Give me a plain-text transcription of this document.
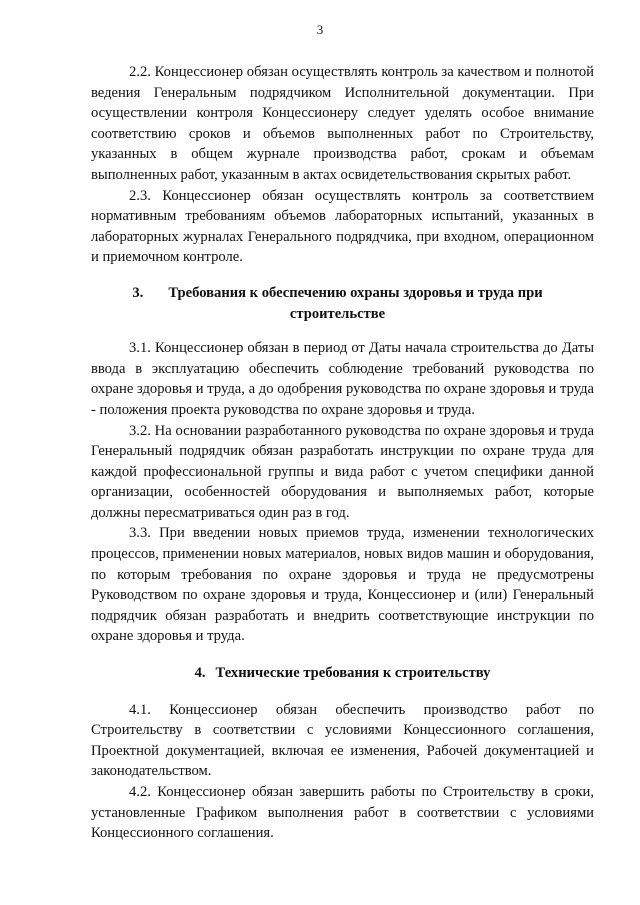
3

2.2. Концессионер обязан осуществлять контроль за качеством и полнотой ведения Генеральным подрядчиком Исполнительной документации. При осуществлении контроля Концессионеру следует уделять особое внимание соответствию сроков и объемов выполненных работ по Строительству, указанных в общем журнале производства работ, срокам и объемам выполненных работ, указанным в актах освидетельствования скрытых работ.

2.3. Концессионер обязан осуществлять контроль за соответствием нормативным требованиям объемов лабораторных испытаний, указанных в лабораторных журналах Генерального подрядчика, при входном, операционном и приемочном контроле.

3. Требования к обеспечению охраны здоровья и труда при строительстве

3.1. Концессионер обязан в период от Даты начала строительства до Даты ввода в эксплуатацию обеспечить соблюдение требований руководства по охране здоровья и труда, а до одобрения руководства по охране здоровья и труда - положения проекта руководства по охране здоровья и труда.

3.2. На основании разработанного руководства по охране здоровья и труда Генеральный подрядчик обязан разработать инструкции по охране труда для каждой профессиональной группы и вида работ с учетом специфики данной организации, особенностей оборудования и выполняемых работ, которые должны пересматриваться один раз в год.

3.3. При введении новых приемов труда, изменении технологических процессов, применении новых материалов, новых видов машин и оборудования, по которым требования по охране здоровья и труда не предусмотрены Руководством по охране здоровья и труда, Концессионер и (или) Генеральный подрядчик обязан разработать и внедрить соответствующие инструкции по охране здоровья и труда.

4. Технические требования к строительству

4.1. Концессионер обязан обеспечить производство работ по Строительству в соответствии с условиями Концессионного соглашения, Проектной документацией, включая ее изменения, Рабочей документацией и законодательством.

4.2. Концессионер обязан завершить работы по Строительству в сроки, установленные Графиком выполнения работ в соответствии с условиями Концессионного соглашения.
